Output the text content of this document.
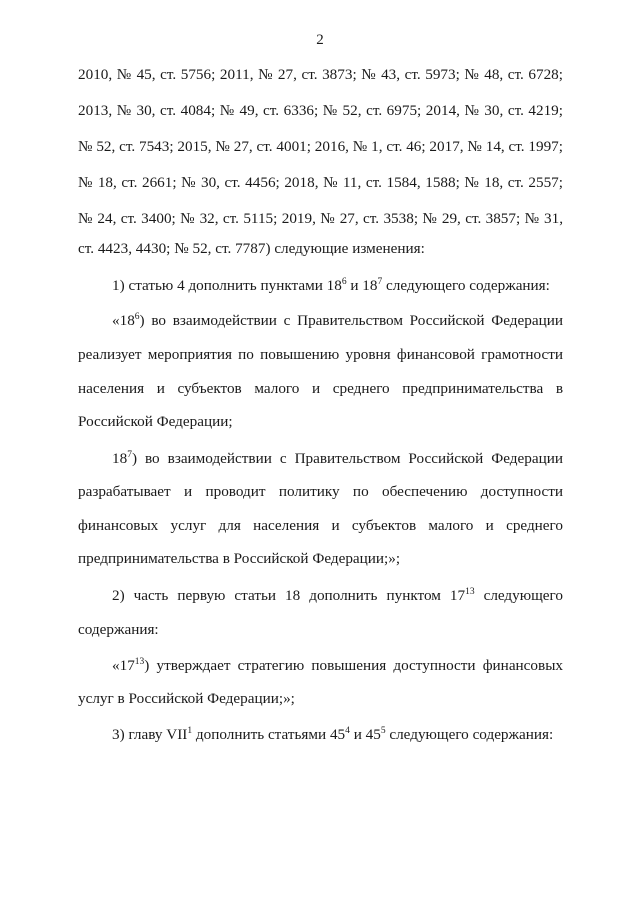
2
2010, № 45, ст. 5756; 2011, № 27, ст. 3873; № 43, ст. 5973; № 48, ст. 6728;
2013, № 30, ст. 4084; № 49, ст. 6336; № 52, ст. 6975; 2014, № 30, ст. 4219;
№ 52, ст. 7543; 2015, № 27, ст. 4001; 2016, № 1, ст. 46; 2017, № 14, ст. 1997;
№ 18, ст. 2661; № 30, ст. 4456; 2018, № 11, ст. 1584, 1588; № 18, ст. 2557;
№ 24, ст. 3400; № 32, ст. 5115; 2019, № 27, ст. 3538; № 29, ст. 3857; № 31,
ст. 4423, 4430; № 52, ст. 7787) следующие изменения:
1) статью 4 дополнить пунктами $18^6$ и $18^7$ следующего содержания:
«$18^6$) во взаимодействии с Правительством Российской Федерации
реализует мероприятия по повышению уровня финансовой грамотности
населения и субъектов малого и среднего предпринимательства в
Российской Федерации;
$18^7$) во взаимодействии с Правительством Российской Федерации
разрабатывает и проводит политику по обеспечению доступности
финансовых услуг для населения и субъектов малого и среднего
предпринимательства в Российской Федерации;»;
2) часть первую статьи 18 дополнить пунктом $17^{13}$ следующего
содержания:
«$17^{13}$) утверждает стратегию повышения доступности финансовых
услуг в Российской Федерации;»;
3) главу VII$^1$ дополнить статьями $45^4$ и $45^5$ следующего содержания:
